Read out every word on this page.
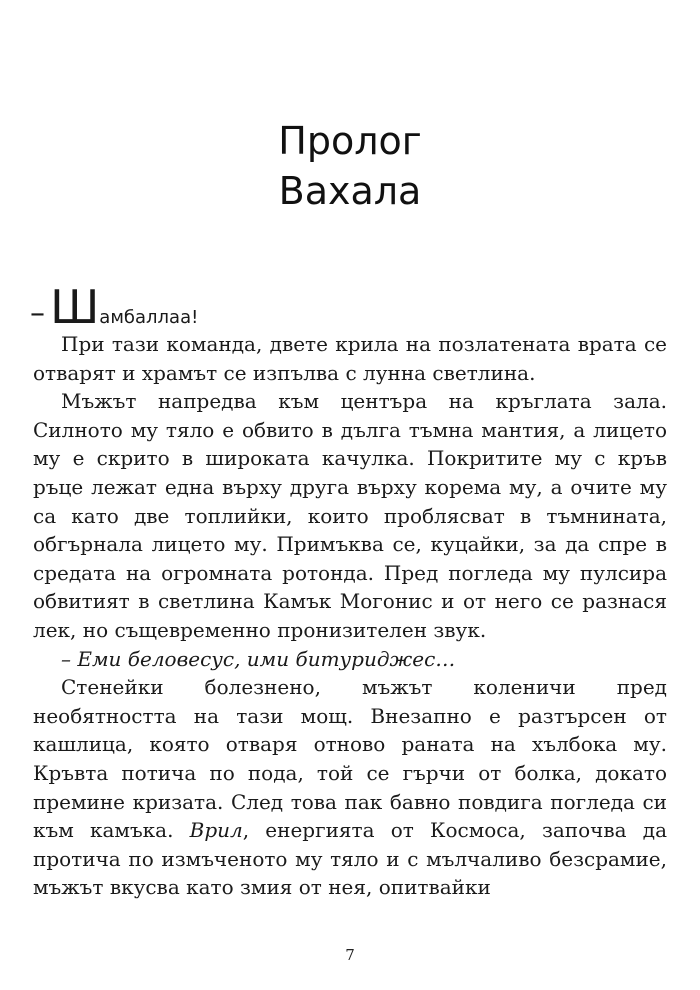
Пролог
Вахала
– Шамбаллаа!

При тази команда, двете крила на позлатената врата се отварят и храмът се изпълва с лунна светлина.

Мъжът напредва към центъра на кръглата зала. Силното му тяло е обвито в дълга тъмна мантия, а лицето му е скрито в широката качулка. Покритите му с кръв ръце лежат една върху друга върху корема му, а очите му са като две топлийки, които проблясват в тъмнината, обгърнала лицето му. Примъква се, куцайки, за да спре в средата на огромната ротонда. Пред погледа му пулсира обвитият в светлина Камък Могонис и от него се разнася лек, но същевременно пронизителен звук.

– Еми беловесус, ими битуриджес…

Стенейки болезнено, мъжът коленичи пред необятността на тази мощ. Внезапно е разтърсен от кашлица, която отваря отново раната на хълбока му. Кръвта потича по пода, той се гърчи от болка, докато премине кризата. След това пак бавно повдига погледа си към камъка. Врил, енергията от Космоса, започва да протича по измъченото му тяло и с мълчаливо безсрамие, мъжът вкусва като змия от нея, опитвайки

7
